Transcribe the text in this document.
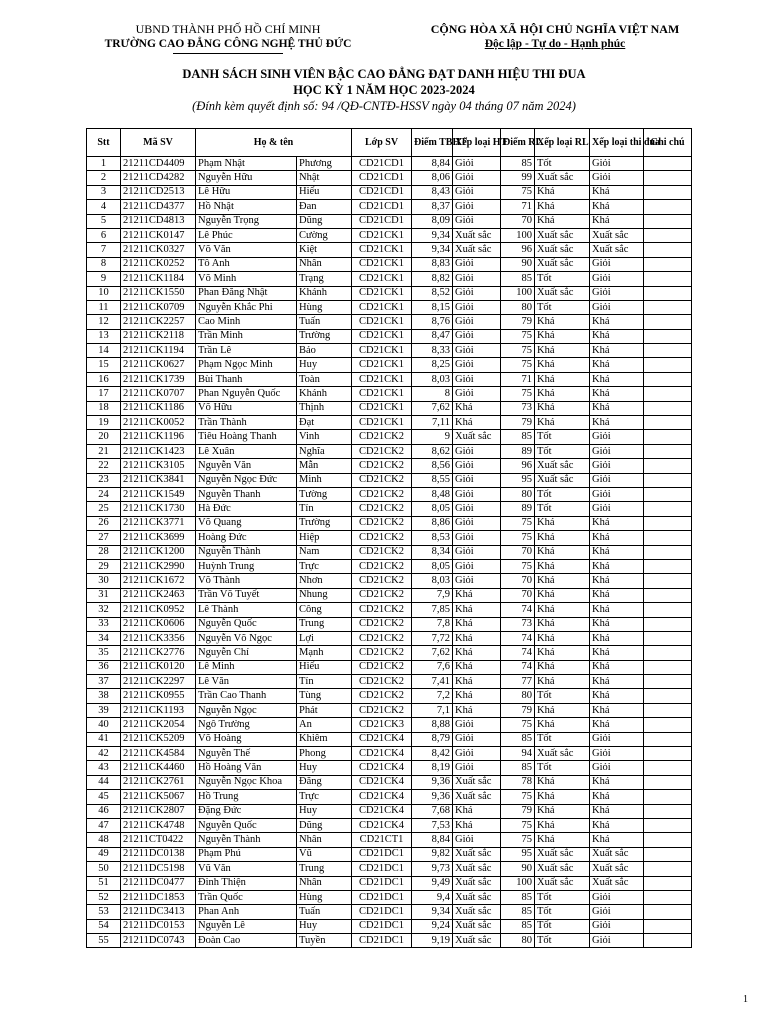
UBND THÀNH PHỐ HỒ CHÍ MINH
TRƯỜNG CAO ĐẲNG CÔNG NGHỆ THỦ ĐỨC
CỘNG HÒA XÃ HỘI CHỦ NGHĨA VIỆT NAM
Độc lập - Tự do - Hạnh phúc
DANH SÁCH SINH VIÊN BẬC CAO ĐẲNG ĐẠT DANH HIỆU THI ĐUA
HỌC KỲ 1 NĂM HỌC 2023-2024
(Đính kèm quyết định số: 94 /QĐ-CNTĐ-HSSV ngày 04 tháng 07 năm 2024)
Stt	Mã SV	Họ & tên		Lớp SV	Điểm TBHT	Xếp loại HT	Điểm RL	Xếp loại RL	Xếp loại thi đua	Ghi chú
1	21211CD4409	Phạm Nhật	Phương	CD21CD1	8,84	Giỏi	85	Tốt	Giỏi	
2	21211CD4282	Nguyễn Hữu	Nhật	CD21CD1	8,06	Giỏi	99	Xuất sắc	Giỏi	
3	21211CD2513	Lê Hữu	Hiếu	CD21CD1	8,43	Giỏi	75	Khá	Khá	
4	21211CD4377	Hồ Nhật	Đan	CD21CD1	8,37	Giỏi	71	Khá	Khá	
5	21211CD4813	Nguyễn Trọng	Dũng	CD21CD1	8,09	Giỏi	70	Khá	Khá	
6	21211CK0147	Lê Phúc	Cường	CD21CK1	9,34	Xuất sắc	100	Xuất sắc	Xuất sắc	
7	21211CK0327	Võ Văn	Kiệt	CD21CK1	9,34	Xuất sắc	96	Xuất sắc	Xuất sắc	
8	21211CK0252	Tô Anh	Nhân	CD21CK1	8,83	Giỏi	90	Xuất sắc	Giỏi	
9	21211CK1184	Võ Minh	Trạng	CD21CK1	8,82	Giỏi	85	Tốt	Giỏi	
10	21211CK1550	Phan Đăng Nhật	Khánh	CD21CK1	8,52	Giỏi	100	Xuất sắc	Giỏi	
11	21211CK0709	Nguyễn Khắc Phi	Hùng	CD21CK1	8,15	Giỏi	80	Tốt	Giỏi	
12	21211CK2257	Cao Minh	Tuấn	CD21CK1	8,76	Giỏi	79	Khá	Khá	
13	21211CK2118	Trần Minh	Trường	CD21CK1	8,47	Giỏi	75	Khá	Khá	
14	21211CK1194	Trần Lê	Bảo	CD21CK1	8,33	Giỏi	75	Khá	Khá	
15	21211CK0627	Phạm Ngọc Minh	Huy	CD21CK1	8,25	Giỏi	75	Khá	Khá	
16	21211CK1739	Bùi Thanh	Toàn	CD21CK1	8,03	Giỏi	71	Khá	Khá	
17	21211CK0707	Phan Nguyễn Quốc	Khánh	CD21CK1	8	Giỏi	75	Khá	Khá	
18	21211CK1186	Võ Hữu	Thịnh	CD21CK1	7,62	Khá	73	Khá	Khá	
19	21211CK0052	Trần Thành	Đạt	CD21CK1	7,11	Khá	79	Khá	Khá	
20	21211CK1196	Tiêu Hoàng Thanh	Vinh	CD21CK2	9	Xuất sắc	85	Tốt	Giỏi	
21	21211CK1423	Lê Xuân	Nghĩa	CD21CK2	8,62	Giỏi	89	Tốt	Giỏi	
22	21211CK3105	Nguyễn Văn	Mẫn	CD21CK2	8,56	Giỏi	96	Xuất sắc	Giỏi	
23	21211CK3841	Nguyễn Ngọc Đức	Minh	CD21CK2	8,55	Giỏi	95	Xuất sắc	Giỏi	
24	21211CK1549	Nguyễn Thanh	Tường	CD21CK2	8,48	Giỏi	80	Tốt	Giỏi	
25	21211CK1730	Hà Đức	Tín	CD21CK2	8,05	Giỏi	89	Tốt	Giỏi	
26	21211CK3771	Võ Quang	Trường	CD21CK2	8,86	Giỏi	75	Khá	Khá	
27	21211CK3699	Hoàng Đức	Hiệp	CD21CK2	8,53	Giỏi	75	Khá	Khá	
28	21211CK1200	Nguyễn Thành	Nam	CD21CK2	8,34	Giỏi	70	Khá	Khá	
29	21211CK2990	Huỳnh Trung	Trực	CD21CK2	8,05	Giỏi	75	Khá	Khá	
30	21211CK1672	Võ Thành	Nhơn	CD21CK2	8,03	Giỏi	70	Khá	Khá	
31	21211CK2463	Trần Võ Tuyết	Nhung	CD21CK2	7,9	Khá	70	Khá	Khá	
32	21211CK0952	Lê Thành	Công	CD21CK2	7,85	Khá	74	Khá	Khá	
33	21211CK0606	Nguyễn Quốc	Trung	CD21CK2	7,8	Khá	73	Khá	Khá	
34	21211CK3356	Nguyễn Võ Ngọc	Lợi	CD21CK2	7,72	Khá	74	Khá	Khá	
35	21211CK2776	Nguyễn Chí	Mạnh	CD21CK2	7,62	Khá	74	Khá	Khá	
36	21211CK0120	Lê Minh	Hiếu	CD21CK2	7,6	Khá	74	Khá	Khá	
37	21211CK2297	Lê Văn	Tín	CD21CK2	7,41	Khá	77	Khá	Khá	
38	21211CK0955	Trần Cao Thanh	Tùng	CD21CK2	7,2	Khá	80	Tốt	Khá	
39	21211CK1193	Nguyễn Ngọc	Phát	CD21CK2	7,1	Khá	79	Khá	Khá	
40	21211CK2054	Ngô Trường	An	CD21CK3	8,88	Giỏi	75	Khá	Khá	
41	21211CK5209	Võ Hoàng	Khiêm	CD21CK4	8,79	Giỏi	85	Tốt	Giỏi	
42	21211CK4584	Nguyễn Thế	Phong	CD21CK4	8,42	Giỏi	94	Xuất sắc	Giỏi	
43	21211CK4460	Hồ Hoàng Văn	Huy	CD21CK4	8,19	Giỏi	85	Tốt	Giỏi	
44	21211CK2761	Nguyễn Ngọc Khoa	Đăng	CD21CK4	9,36	Xuất sắc	78	Khá	Khá	
45	21211CK5067	Hồ Trung	Trực	CD21CK4	9,36	Xuất sắc	75	Khá	Khá	
46	21211CK2807	Đặng Đức	Huy	CD21CK4	7,68	Khá	79	Khá	Khá	
47	21211CK4748	Nguyễn Quốc	Dũng	CD21CK4	7,53	Khá	75	Khá	Khá	
48	21211CT0422	Nguyễn Thành	Nhân	CD21CT1	8,84	Giỏi	75	Khá	Khá	
49	21211DC0138	Phạm Phú	Vũ	CD21DC1	9,82	Xuất sắc	95	Xuất sắc	Xuất sắc	
50	21211DC5198	Vũ Văn	Trung	CD21DC1	9,73	Xuất sắc	90	Xuất sắc	Xuất sắc	
51	21211DC0477	Đinh Thiện	Nhân	CD21DC1	9,49	Xuất sắc	100	Xuất sắc	Xuất sắc	
52	21211DC1853	Trần Quốc	Hùng	CD21DC1	9,4	Xuất sắc	85	Tốt	Giỏi	
53	21211DC3413	Phan Anh	Tuấn	CD21DC1	9,34	Xuất sắc	85	Tốt	Giỏi	
54	21211DC0153	Nguyễn Lê	Huy	CD21DC1	9,24	Xuất sắc	85	Tốt	Giỏi	
55	21211DC0743	Đoàn Cao	Tuyền	CD21DC1	9,19	Xuất sắc	80	Tốt	Giỏi	
1
